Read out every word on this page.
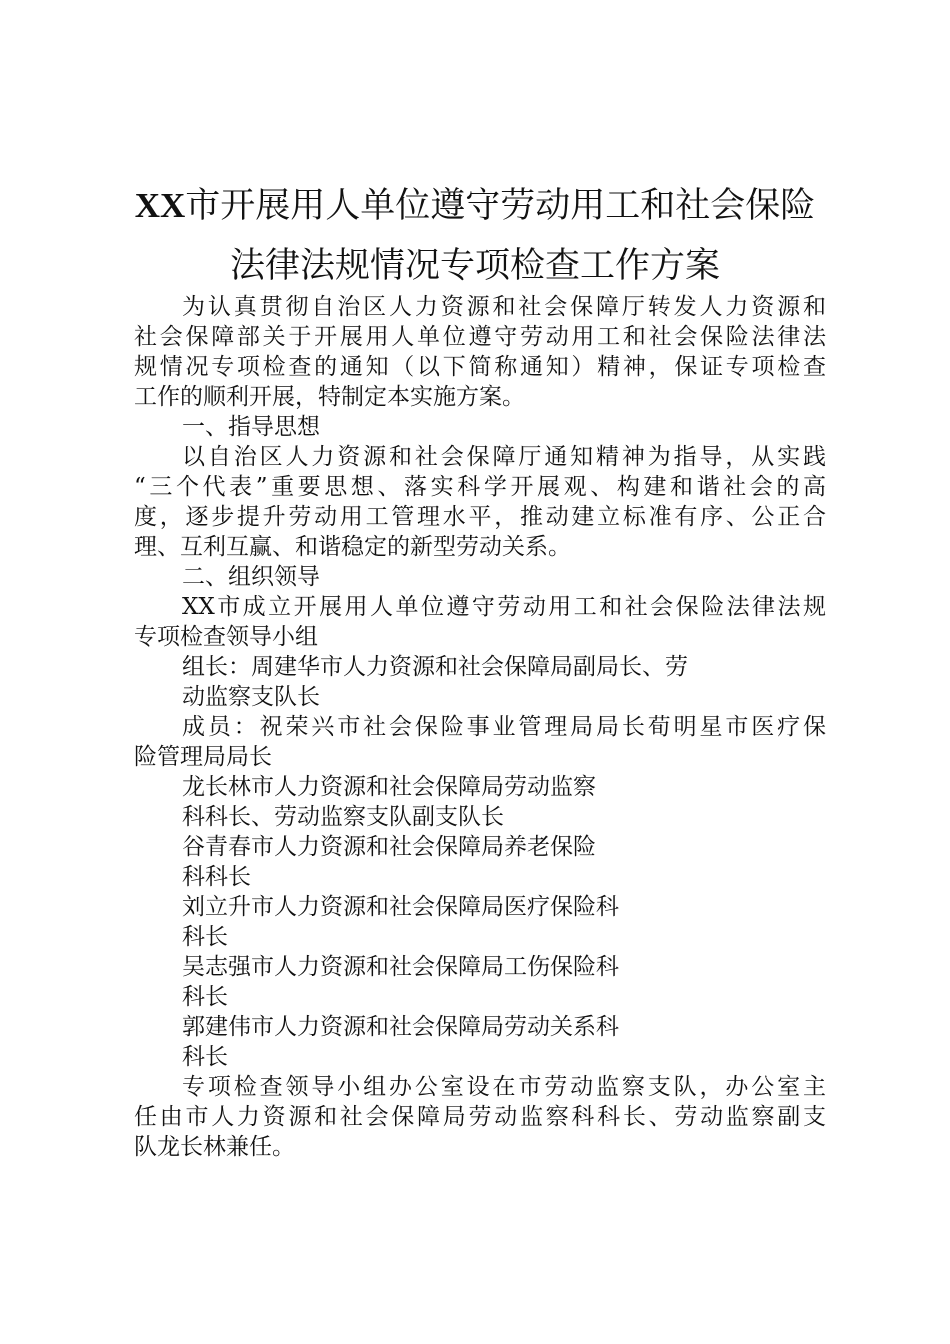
XX市开展用人单位遵守劳动用工和社会保险
法律法规情况专项检查工作方案
为认真贯彻自治区人力资源和社会保障厅转发人力资源和
社会保障部关于开展用人单位遵守劳动用工和社会保险法律法
规情况专项检查的通知（以下简称通知）精神，保证专项检查
工作的顺利开展，特制定本实施方案。
一、指导思想
以自治区人力资源和社会保障厅通知精神为指导，从实践
“三个代表”重要思想、落实科学开展观、构建和谐社会的高
度，逐步提升劳动用工管理水平，推动建立标准有序、公正合
理、互利互赢、和谐稳定的新型劳动关系。
二、组织领导
XX市成立开展用人单位遵守劳动用工和社会保险法律法规
专项检查领导小组
组长：周建华市人力资源和社会保障局副局长、劳
动监察支队长
成员：祝荣兴市社会保险事业管理局局长荀明星市医疗保
险管理局局长
龙长林市人力资源和社会保障局劳动监察
科科长、劳动监察支队副支队长
谷青春市人力资源和社会保障局养老保险
科科长
刘立升市人力资源和社会保障局医疗保险科
科长
吴志强市人力资源和社会保障局工伤保险科
科长
郭建伟市人力资源和社会保障局劳动关系科
科长
专项检查领导小组办公室设在市劳动监察支队，办公室主
任由市人力资源和社会保障局劳动监察科科长、劳动监察副支
队龙长林兼任。
